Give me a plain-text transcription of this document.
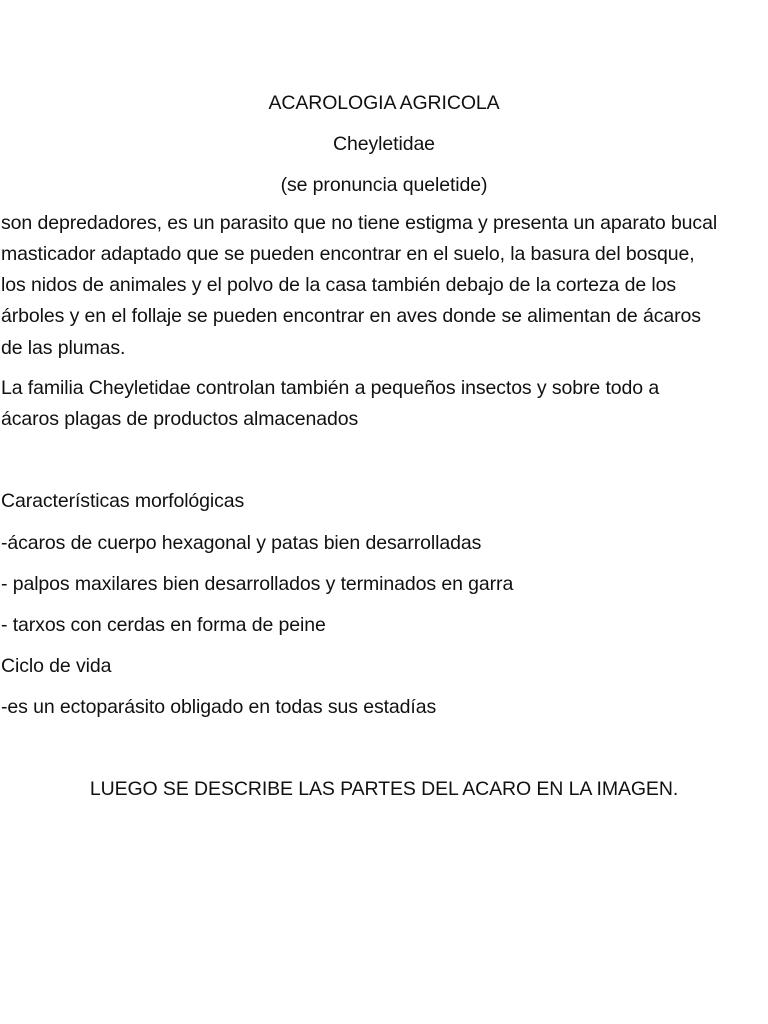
ACAROLOGIA AGRICOLA
Cheyletidae
(se pronuncia queletide)
son depredadores, es un parasito que no tiene estigma y presenta un aparato bucal
masticador adaptado que se pueden encontrar en el suelo, la basura del bosque,
los nidos de animales y el polvo de la casa también debajo de la corteza de los
árboles y en el follaje se pueden encontrar en aves donde se alimentan de ácaros
de las plumas.
La familia Cheyletidae controlan también a pequeños insectos y sobre todo a
ácaros plagas de productos almacenados
Características morfológicas
-ácaros de cuerpo hexagonal y patas bien desarrolladas
- palpos maxilares bien desarrollados y terminados en garra
- tarxos con cerdas en forma de peine
Ciclo de vida
-es un ectoparásito obligado en todas sus estadías
LUEGO SE DESCRIBE LAS PARTES DEL ACARO EN LA IMAGEN.
